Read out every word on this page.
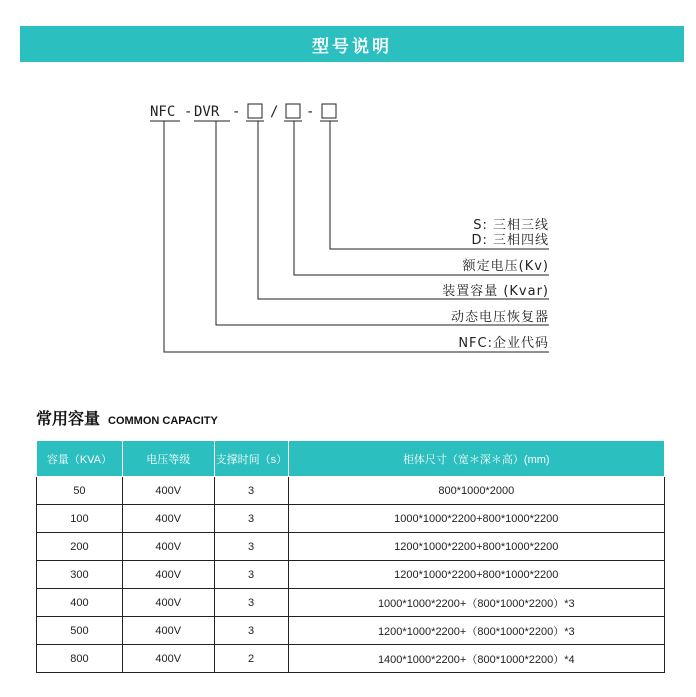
型号说明
NFC - DVR - / -
S: 三相三线
D: 三相四线
额定电压(Kv)
装置容量 (Kvar)
动态电压恢复器
NFC:企业代码
常用容量 COMMON CAPACITY
容量（KVA）	电压等级	支撑时间（s）	柜体尺寸（宽＊深＊高）(mm)
50	400V	3	800*1000*2000
100	400V	3	1000*1000*2200+800*1000*2200
200	400V	3	1200*1000*2200+800*1000*2200
300	400V	3	1200*1000*2200+800*1000*2200
400	400V	3	1000*1000*2200+（800*1000*2200）*3
500	400V	3	1200*1000*2200+（800*1000*2200）*3
800	400V	2	1400*1000*2200+（800*1000*2200）*4
